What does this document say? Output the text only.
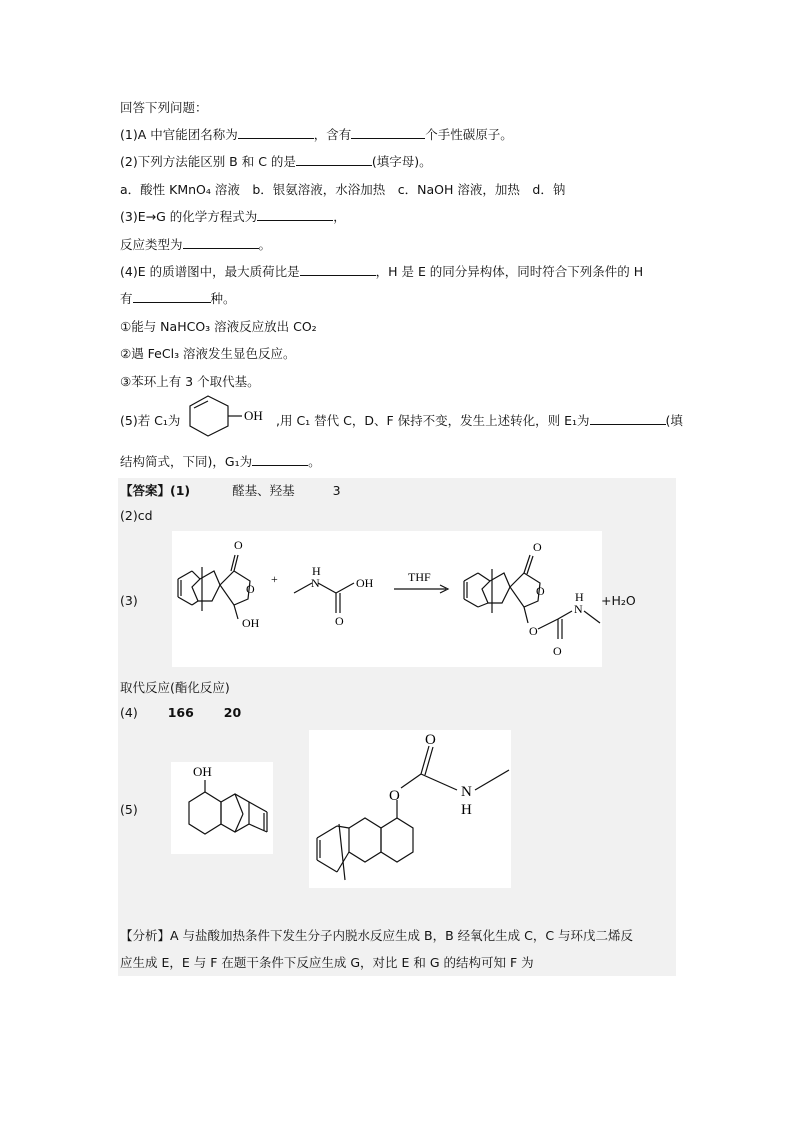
回答下列问题：
(1)A 中官能团名称为	，含有	个手性碳原子。
(2)下列方法能区别 B 和 C 的是	(填字母)。
a．酸性 KMnO₄ 溶液　b．银氨溶液，水浴加热　c．NaOH 溶液，加热　d．钠
(3)E→G 的化学方程式为	，
反应类型为	。
(4)E 的质谱图中，最大质荷比是	，H 是 E 的同分异构体，同时符合下列条件的 H
有	种。
①能与 NaHCO₃ 溶液反应放出 CO₂
②遇 FeCl₃ 溶液发生显色反应。
③苯环上有 3 个取代基。
(5)若 C₁为	OH ,用 C₁ 替代 C，D、F 保持不变，发生上述转化，则 E₁为	(填
结构简式，下同)，G₁为	。
【答案】(1)	醛基、羟基	3
(2)cd
(3)
O
O
OH
+
H
N	OH
O
THF
O
O
O
O
N
H +H₂O
取代反应(酯化反应)
(4) 166 20
(5)
OH
O
O	N
H
【分析】A 与盐酸加热条件下发生分子内脱水反应生成 B，B 经氧化生成 C，C 与环戊二烯反
应生成 E，E 与 F 在题干条件下反应生成 G，对比 E 和 G 的结构可知 F 为
